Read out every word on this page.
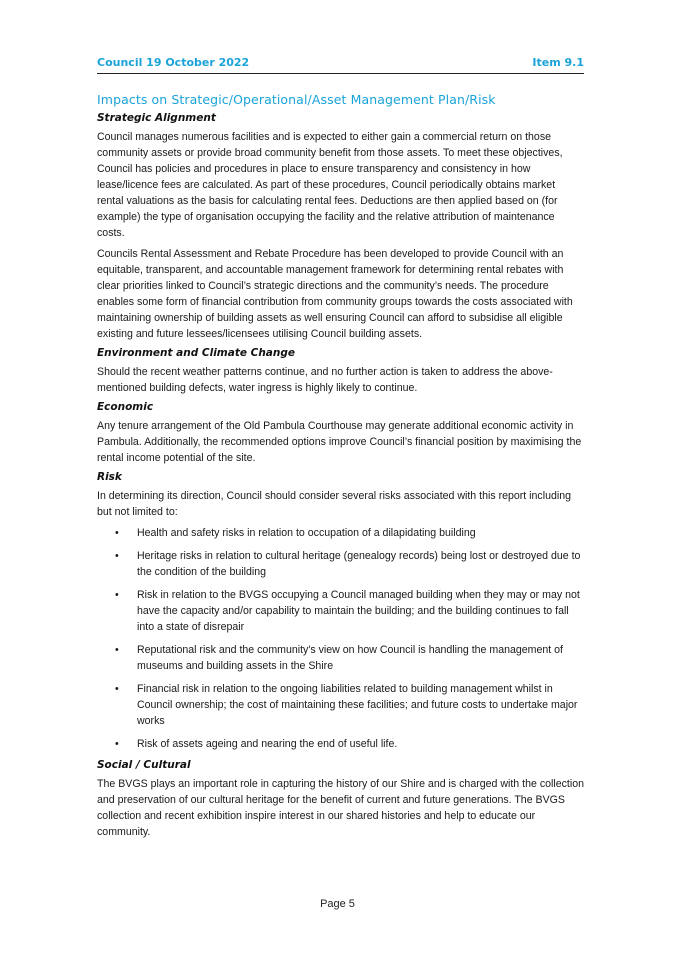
Council 19 October 2022	Item 9.1
Impacts on Strategic/Operational/Asset Management Plan/Risk
Strategic Alignment

Council manages numerous facilities and is expected to either gain a commercial return on those community assets or provide broad community benefit from those assets. To meet these objectives, Council has policies and procedures in place to ensure transparency and consistency in how lease/licence fees are calculated. As part of these procedures, Council periodically obtains market rental valuations as the basis for calculating rental fees. Deductions are then applied based on (for example) the type of organisation occupying the facility and the relative attribution of maintenance costs.

Councils Rental Assessment and Rebate Procedure has been developed to provide Council with an equitable, transparent, and accountable management framework for determining rental rebates with clear priorities linked to Council’s strategic directions and the community’s needs. The procedure enables some form of financial contribution from community groups towards the costs associated with maintaining ownership of building assets as well ensuring Council can afford to subsidise all eligible existing and future lessees/licensees utilising Council building assets.

Environment and Climate Change

Should the recent weather patterns continue, and no further action is taken to address the above-mentioned building defects, water ingress is highly likely to continue.

Economic

Any tenure arrangement of the Old Pambula Courthouse may generate additional economic activity in Pambula. Additionally, the recommended options improve Council’s financial position by maximising the rental income potential of the site.

Risk

In determining its direction, Council should consider several risks associated with this report including but not limited to:

• Health and safety risks in relation to occupation of a dilapidating building
• Heritage risks in relation to cultural heritage (genealogy records) being lost or destroyed due to the condition of the building
• Risk in relation to the BVGS occupying a Council managed building when they may or may not have the capacity and/or capability to maintain the building; and the building continues to fall into a state of disrepair
• Reputational risk and the community's view on how Council is handling the management of museums and building assets in the Shire
• Financial risk in relation to the ongoing liabilities related to building management whilst in Council ownership; the cost of maintaining these facilities; and future costs to undertake major works
• Risk of assets ageing and nearing the end of useful life.
Social / Cultural

The BVGS plays an important role in capturing the history of our Shire and is charged with the collection and preservation of our cultural heritage for the benefit of current and future generations. The BVGS collection and recent exhibition inspire interest in our shared histories and help to educate our community.

Page 5
